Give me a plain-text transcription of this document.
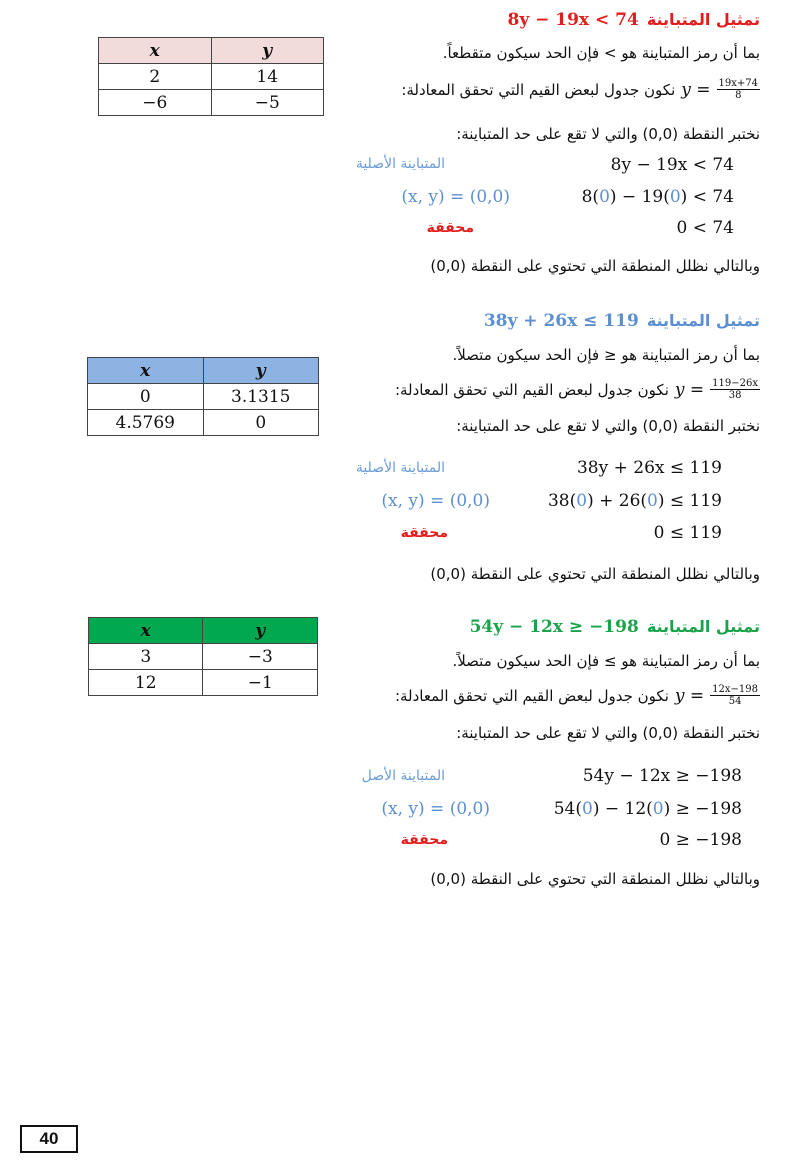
تمثيل المتباينة
8y − 19x < 74
بما أن رمز المتباينة هو > فإن الحد سيكون متقطعاً.
نكون جدول لبعض القيم التي تحقق المعادلة: $y = \frac{19x+74}{8}$
نختبر النقطة (0,0) والتي لا تقع على حد المتباينة:
المتباينة الأصلية	8y − 19x < 74
(x, y) = (0,0)	8(0) − 19(0) < 74
محققة	0 < 74
وبالتالي نظلل المنطقة التي تحتوي على النقطة (0,0)
x	y
2	14
−6	−5
تمثيل المتباينة
38y + 26x ≤ 119
بما أن رمز المتباينة هو ≤ فإن الحد سيكون متصلاً.
نكون جدول لبعض القيم التي تحقق المعادلة: $y = \frac{119-26x}{38}$
نختبر النقطة (0,0) والتي لا تقع على حد المتباينة:
المتباينة الأصلية	38y + 26x ≤ 119
(x, y) = (0,0)	38(0) + 26(0) ≤ 119
محققة	0 ≤ 119
وبالتالي نظلل المنطقة التي تحتوي على النقطة (0,0)
x	y
0	3.1315
4.5769	0
تمثيل المتباينة
54y − 12x ≥ −198
بما أن رمز المتباينة هو ≥ فإن الحد سيكون متصلاً.
نكون جدول لبعض القيم التي تحقق المعادلة: $y = \frac{12x-198}{54}$
نختبر النقطة (0,0) والتي لا تقع على حد المتباينة:
المتباينة الأصل	54y − 12x ≥ −198
(x, y) = (0,0)	54(0) − 12(0) ≥ −198
محققة	0 ≥ −198
وبالتالي نظلل المنطقة التي تحتوي على النقطة (0,0)
x	y
3	−3
12	−1
40
